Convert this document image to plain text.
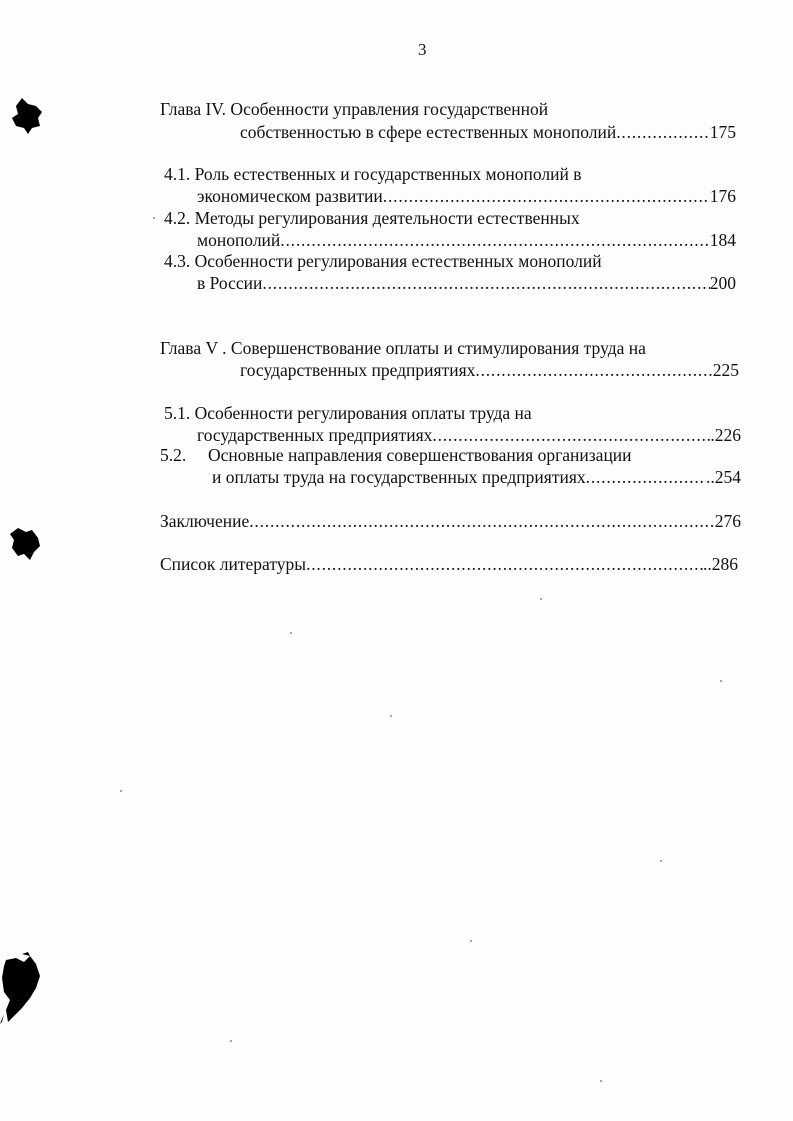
3
Глава IV. Особенности управления государственной
собственностью в сфере естественных монополий .....	175
4.1. Роль естественных и государственных монополий в
экономическом развитии .....	176
4.2. Методы регулирования деятельности естественных
монополий .....	184
4.3. Особенности регулирования естественных монополий
в России .....	200
Глава V . Совершенствование оплаты и стимулирования труда на
государственных предприятиях .....	225
5.1. Особенности регулирования оплаты труда на
государственных предприятиях .....	.226
5.2. Основные направления совершенствования организации
и оплаты труда на государственных предприятиях .....	..254
Заключение .....	276
Список литературы .....	..286
